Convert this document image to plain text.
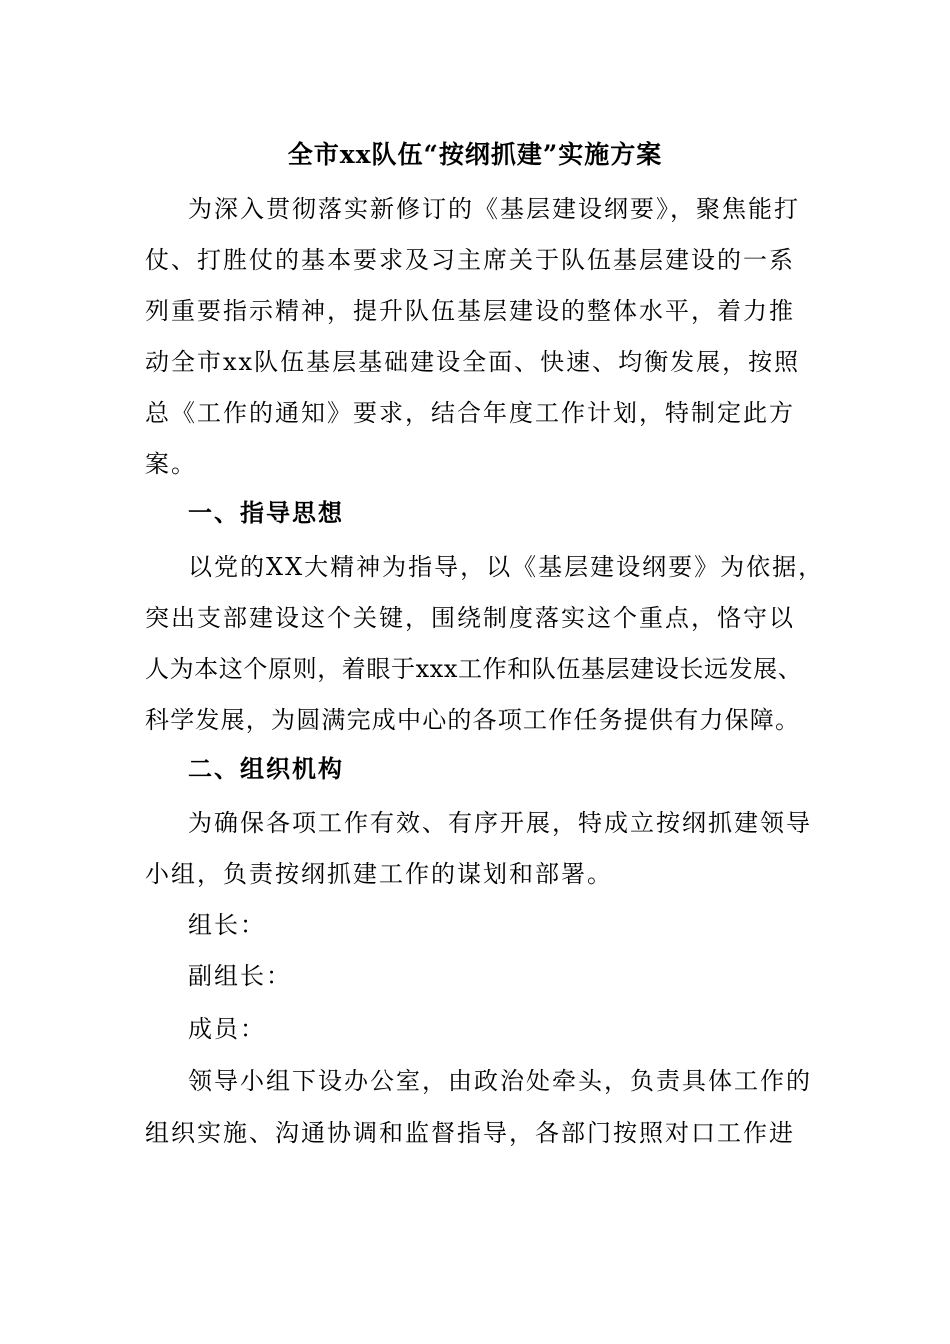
全市xx队伍“按纲抓建”实施方案
为深入贯彻落实新修订的《基层建设纲要》，聚焦能打
仗、打胜仗的基本要求及习主席关于队伍基层建设的一系
列重要指示精神，提升队伍基层建设的整体水平，着力推
动全市xx队伍基层基础建设全面、快速、均衡发展，按照
总《工作的通知》要求，结合年度工作计划，特制定此方
案。
一、指导思想
以党的XX大精神为指导，以《基层建设纲要》为依据，
突出支部建设这个关键，围绕制度落实这个重点，恪守以
人为本这个原则，着眼于xxx工作和队伍基层建设长远发展、
科学发展，为圆满完成中心的各项工作任务提供有力保障。
二、组织机构
为确保各项工作有效、有序开展，特成立按纲抓建领导
小组，负责按纲抓建工作的谋划和部署。
组长：
副组长：
成员：
领导小组下设办公室，由政治处牵头，负责具体工作的
组织实施、沟通协调和监督指导，各部门按照对口工作进
